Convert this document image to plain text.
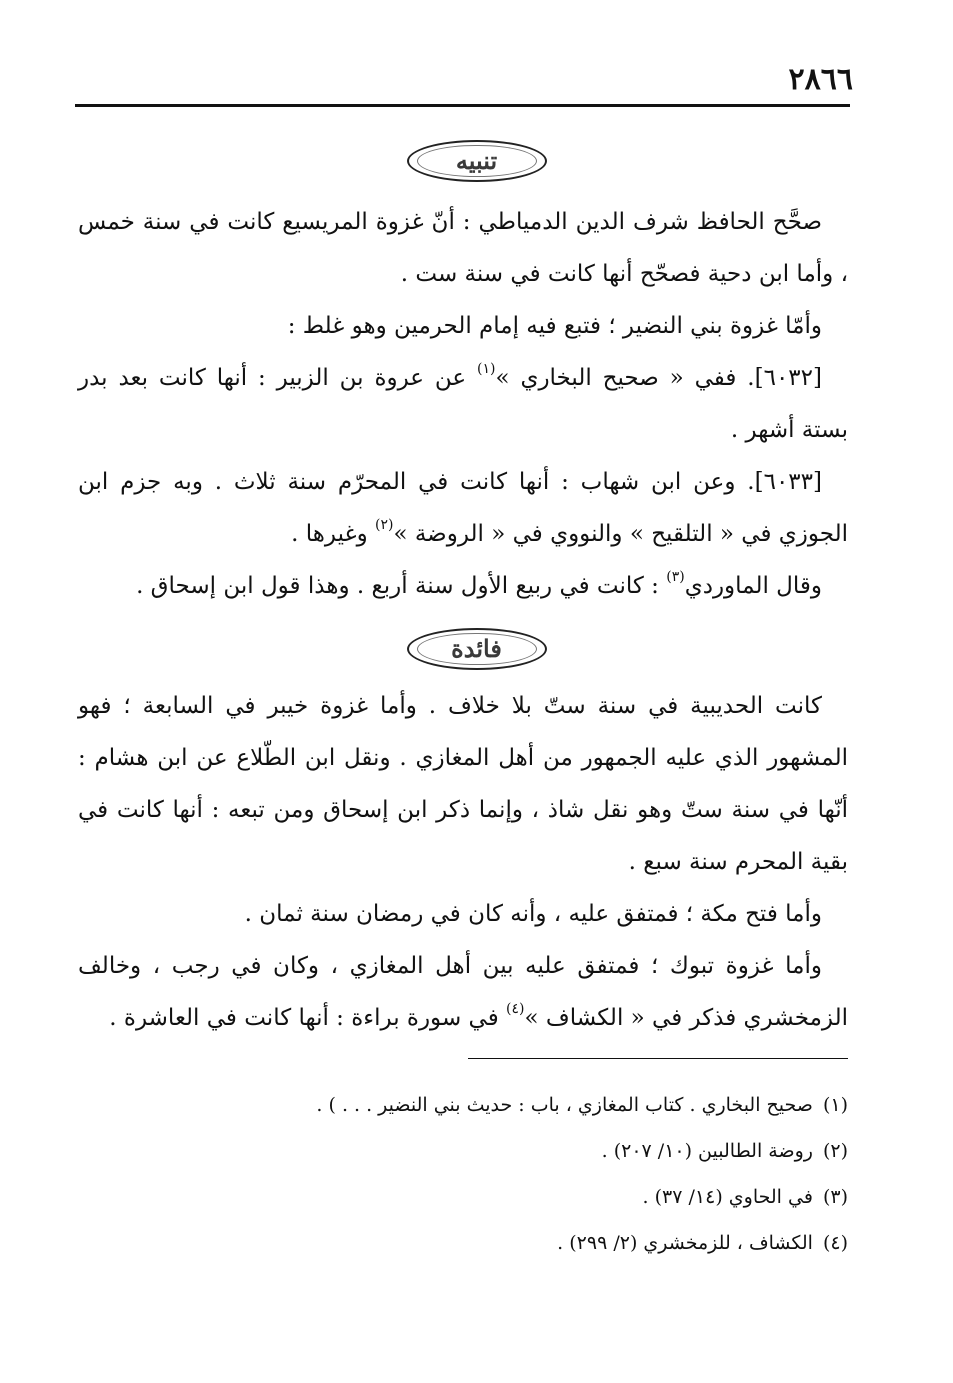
٢٨٦٦
تنبيه

صحَّح الحافظ شرف الدين الدمياطي : أنّ غزوة المريسيع كانت في سنة خمس ، وأما ابن دحية فصحّح أنها كانت في سنة ست .

وأمّا غزوة بني النضير ؛ فتبع فيه إمام الحرمين وهو غلط :

[٦٠٣٢]. ففي « صحيح البخاري »$^{(١)}$ عن عروة بن الزبير : أنها كانت بعد بدر بستة أشهر .

[٦٠٣٣]. وعن ابن شهاب : أنها كانت في المحرّم سنة ثلاث . وبه جزم ابن الجوزي في « التلقيح » والنووي في « الروضة »$^{(٢)}$ وغيرها .

وقال الماوردي$^{(٣)}$ : كانت في ربيع الأول سنة أربع . وهذا قول ابن إسحاق .

فائدة

كانت الحديبية في سنة ستّ بلا خلاف . وأما غزوة خيبر في السابعة ؛ فهو المشهور الذي عليه الجمهور من أهل المغازي . ونقل ابن الطّلاع عن ابن هشام : أنّها في سنة ستّ وهو نقل شاذ ، وإنما ذكر ابن إسحاق ومن تبعه : أنها كانت في بقية المحرم سنة سبع .

وأما فتح مكة ؛ فمتفق عليه ، وأنه كان في رمضان سنة ثمان .

وأما غزوة تبوك ؛ فمتفق عليه بين أهل المغازي ، وكان في رجب ، وخالف الزمخشري فذكر في « الكشاف »$^{(٤)}$ في سورة براءة : أنها كانت في العاشرة .

(١)صحيح البخاري . كتاب المغازي ، باب : حديث بني النضير . . . ) .
(٢)روضة الطالبين (١٠/ ٢٠٧) .
(٣)في الحاوي (١٤/ ٣٧) .
(٤)الكشاف ، للزمخشري (٢/ ٢٩٩) .
